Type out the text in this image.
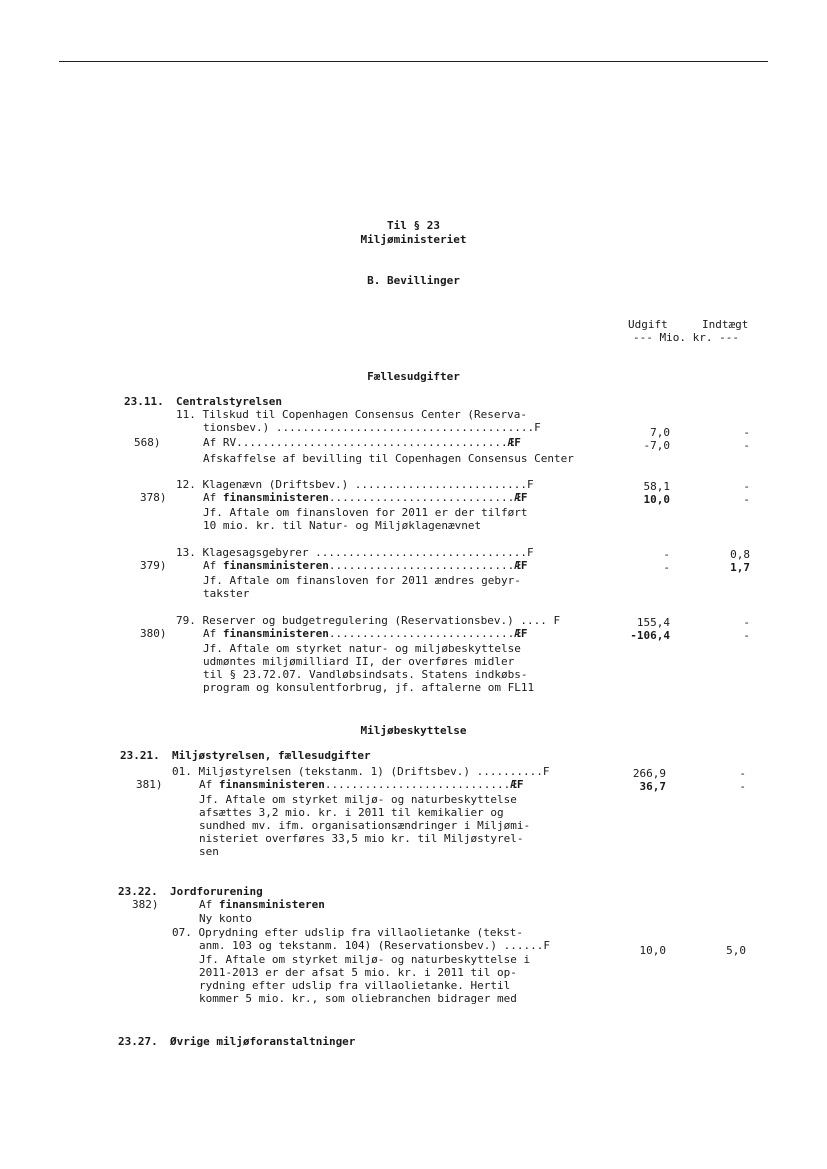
Til § 23
Miljøministeriet
B. Bevillinger
Udgift	Indtægt
--- Mio. kr. ---
Fællesudgifter
23.11. Centralstyrelsen
11. Tilskud til Copenhagen Consensus Center (Reserva-
tionsbev.) .......................................F	7,0	-
568)	Af RV.........................................ÆF	-7,0	-
Afskaffelse af bevilling til Copenhagen Consensus Center
12. Klagenævn (Driftsbev.) ..........................F	58,1	-
378)	Af finansministeren............................ÆF	10,0	-
Jf. Aftale om finansloven for 2011 er der tilført
10 mio. kr. til Natur- og Miljøklagenævnet
13. Klagesagsgebyrer ................................F	-	0,8
379)	Af finansministeren............................ÆF	-	1,7
Jf. Aftale om finansloven for 2011 ændres gebyr-
takster
79. Reserver og budgetregulering (Reservationsbev.) .... F	155,4	-
380)	Af finansministeren............................ÆF	-106,4	-
Jf. Aftale om styrket natur- og miljøbeskyttelse
udmøntes miljømilliard II, der overføres midler
til § 23.72.07. Vandløbsindsats. Statens indkøbs-
program og konsulentforbrug, jf. aftalerne om FL11
Miljøbeskyttelse
23.21. Miljøstyrelsen, fællesudgifter
01. Miljøstyrelsen (tekstanm. 1) (Driftsbev.) ..........F	266,9	-
381)	Af finansministeren............................ÆF	36,7	-
Jf. Aftale om styrket miljø- og naturbeskyttelse
afsættes 3,2 mio. kr. i 2011 til kemikalier og
sundhed mv. ifm. organisationsændringer i Miljømi-
nisteriet overføres 33,5 mio kr. til Miljøstyrel-
sen
23.22. Jordforurening
382)	Af finansministeren
Ny konto
07. Oprydning efter udslip fra villaolietanke (tekst-
anm. 103 og tekstanm. 104) (Reservationsbev.) ......F	10,0	5,0
Jf. Aftale om styrket miljø- og naturbeskyttelse i
2011-2013 er der afsat 5 mio. kr. i 2011 til op-
rydning efter udslip fra villaolietanke. Hertil
kommer 5 mio. kr., som oliebranchen bidrager med
23.27. Øvrige miljøforanstaltninger
